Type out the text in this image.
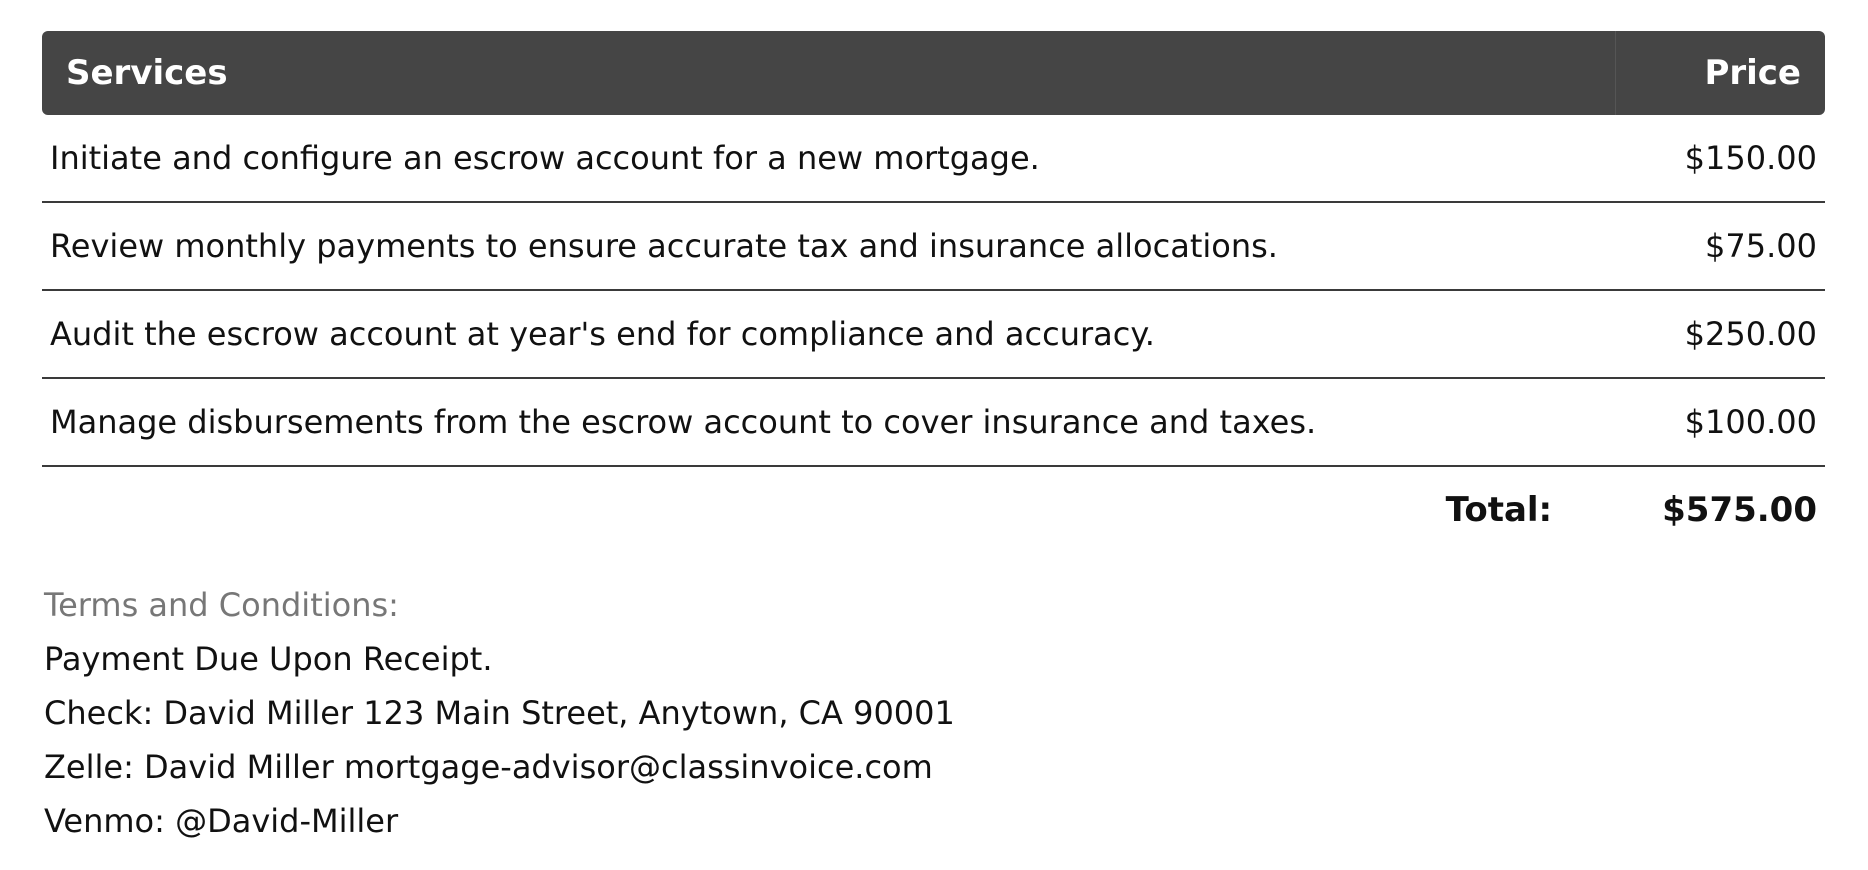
Services	Price
Initiate and configure an escrow account for a new mortgage.	$150.00
Review monthly payments to ensure accurate tax and insurance allocations.	$75.00
Audit the escrow account at year's end for compliance and accuracy.	$250.00
Manage disbursements from the escrow account to cover insurance and taxes.	$100.00
Total:	$575.00
Terms and Conditions:
Payment Due Upon Receipt.
Check: David Miller 123 Main Street, Anytown, CA 90001
Zelle: David Miller mortgage-advisor@classinvoice.com
Venmo: @David-Miller
